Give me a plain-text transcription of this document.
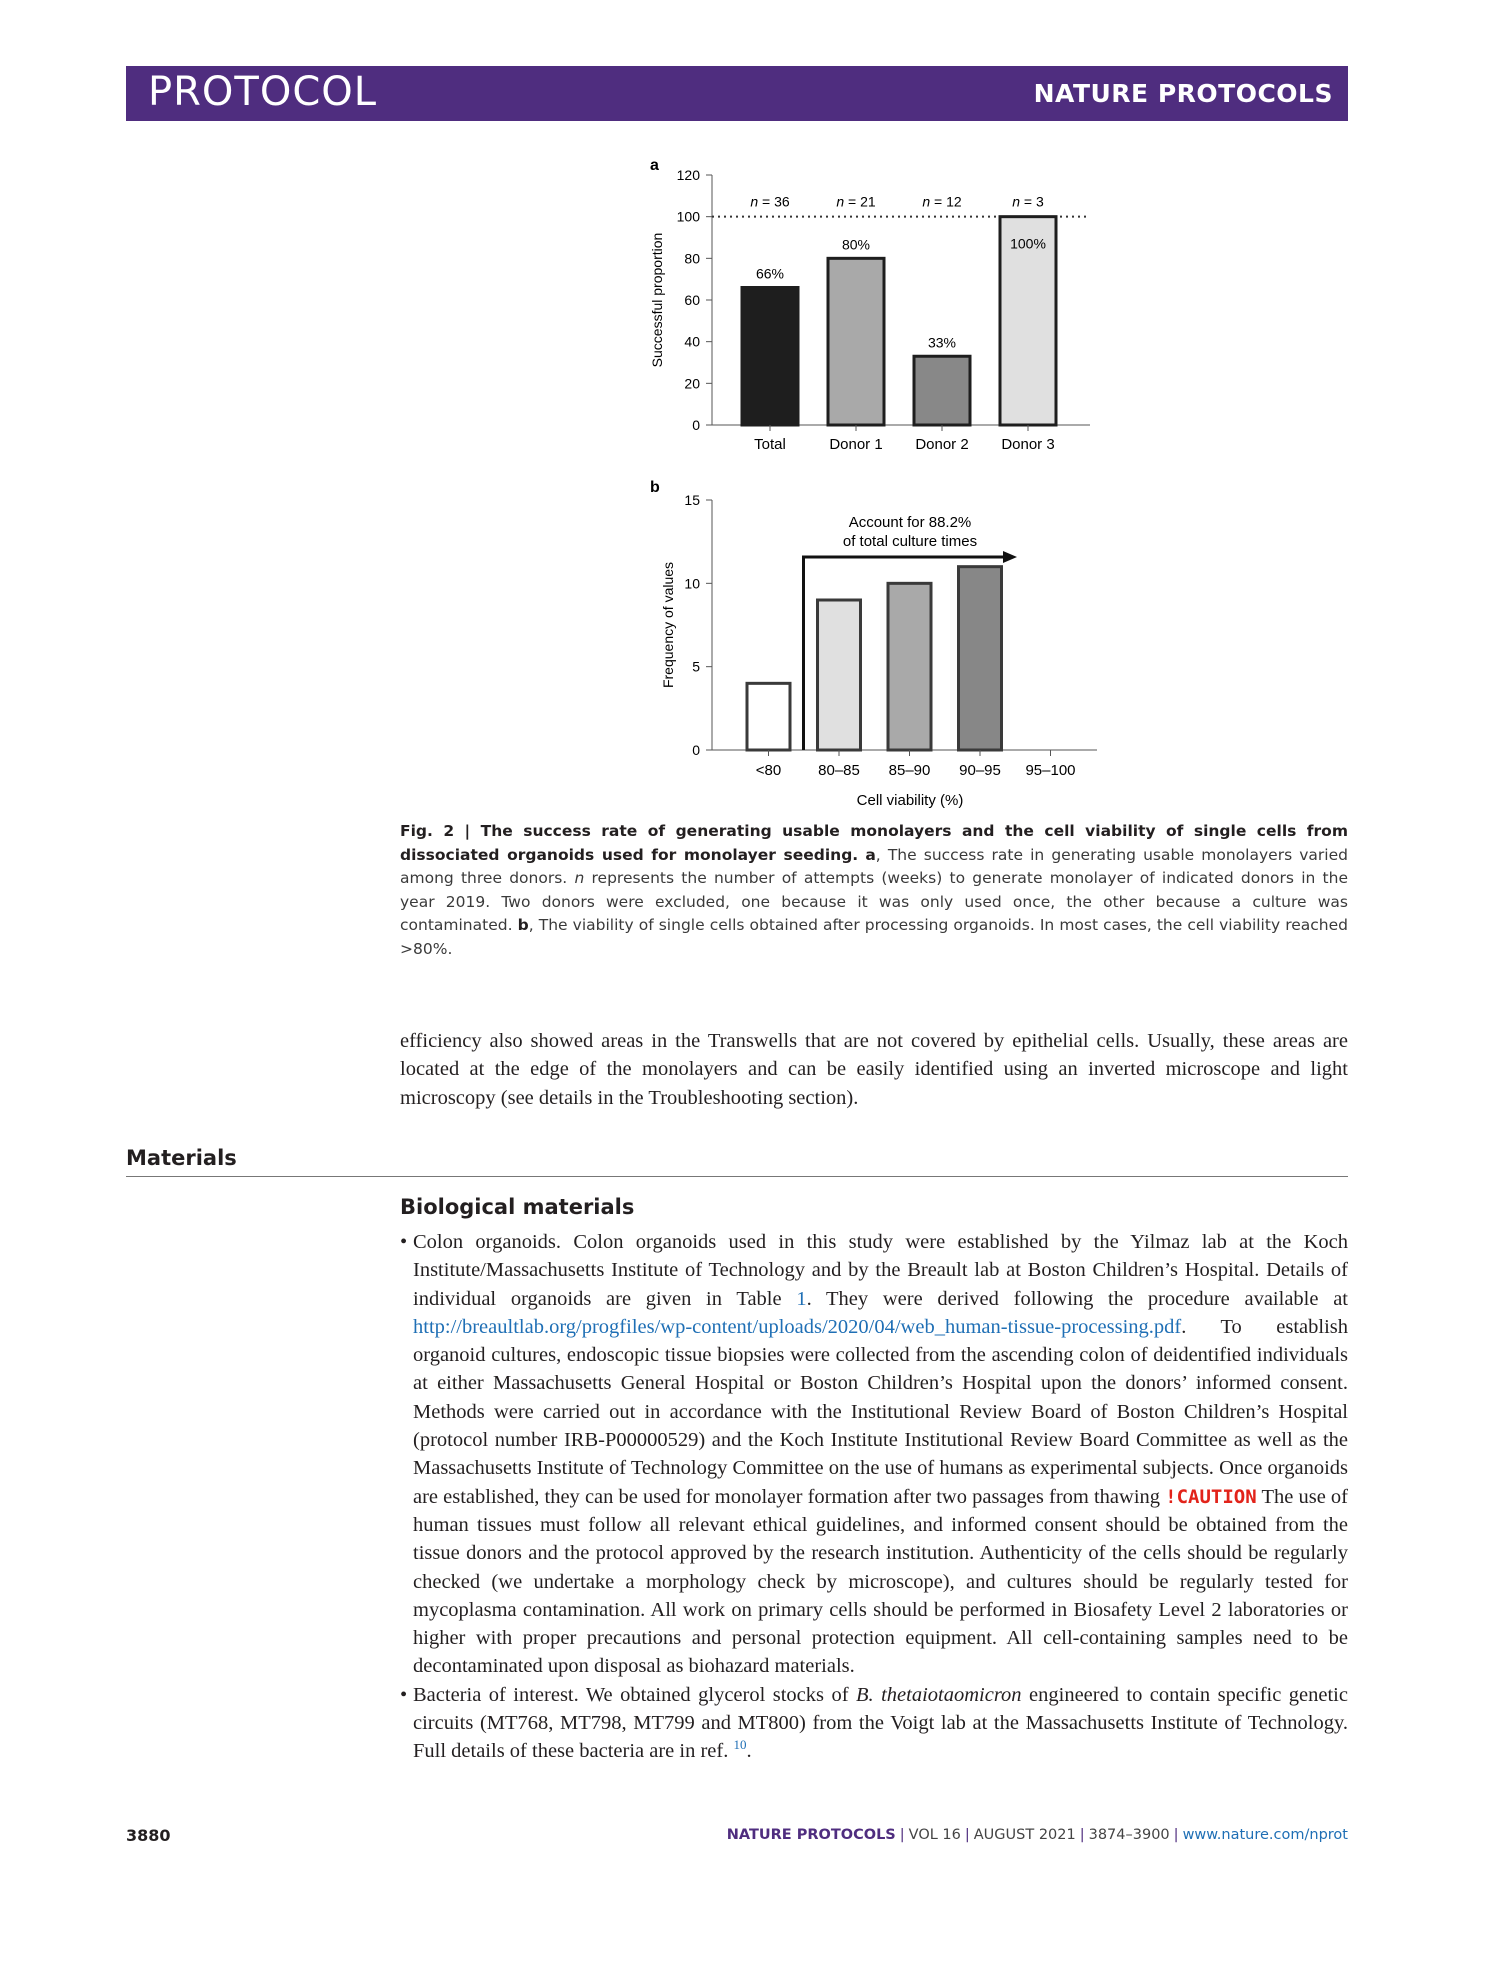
PROTOCOL	NATURE PROTOCOLS
a
0
20
40
60
80
100
120
Successful proportion
Total
66%
n = 36
Donor 1
80%
n = 21
Donor 2
33%
n = 12
Donor 3
100%
n = 3
b
0
5
10
15
Frequency of values
<80 80–85 85–90 90–95 95–100
Account for 88.2%
of total culture times
Cell viability (%)
Fig. 2 | The success rate of generating usable monolayers and the cell viability of single cells from dissociated organoids used for monolayer seeding. a, The success rate in generating usable monolayers varied among three donors. n represents the number of attempts (weeks) to generate monolayer of indicated donors in the year 2019. Two donors were excluded, one because it was only used once, the other because a culture was contaminated. b, The viability of single cells obtained after processing organoids. In most cases, the cell viability reached >80%.
efficiency also showed areas in the Transwells that are not covered by epithelial cells. Usually, these areas are located at the edge of the monolayers and can be easily identified using an inverted microscope and light microscopy (see details in the Troubleshooting section).
Materials
Biological materials
• Colon organoids. Colon organoids used in this study were established by the Yilmaz lab at the Koch Institute/Massachusetts Institute of Technology and by the Breault lab at Boston Children’s Hospital. Details of individual organoids are given in Table 1. They were derived following the procedure available at http://breaultlab.org/progfiles/wp-content/uploads/2020/04/web_human-tissue-processing.pdf. To establish organoid cultures, endoscopic tissue biopsies were collected from the ascending colon of deidentified individuals at either Massachusetts General Hospital or Boston Children’s Hospital upon the donors’ informed consent. Methods were carried out in accordance with the Institutional Review Board of Boston Children’s Hospital (protocol number IRB-P00000529) and the Koch Institute Institutional Review Board Committee as well as the Massachusetts Institute of Technology Committee on the use of humans as experimental subjects. Once organoids are established, they can be used for monolayer formation after two passages from thawing !CAUTION The use of human tissues must follow all relevant ethical guidelines, and informed consent should be obtained from the tissue donors and the protocol approved by the research institution. Authenticity of the cells should be regularly checked (we undertake a morphology check by microscope), and cultures should be regularly tested for mycoplasma contamination. All work on primary cells should be performed in Biosafety Level 2 laboratories or higher with proper precautions and personal protection equipment. All cell-containing samples need to be decontaminated upon disposal as biohazard materials.
• Bacteria of interest. We obtained glycerol stocks of B. thetaiotaomicron engineered to contain specific genetic circuits (MT768, MT798, MT799 and MT800) from the Voigt lab at the Massachusetts Institute of Technology. Full details of these bacteria are in ref. $^{10}$.
3880	NATURE PROTOCOLS | VOL 16 | AUGUST 2021 | 3874–3900 | www.nature.com/nprot
